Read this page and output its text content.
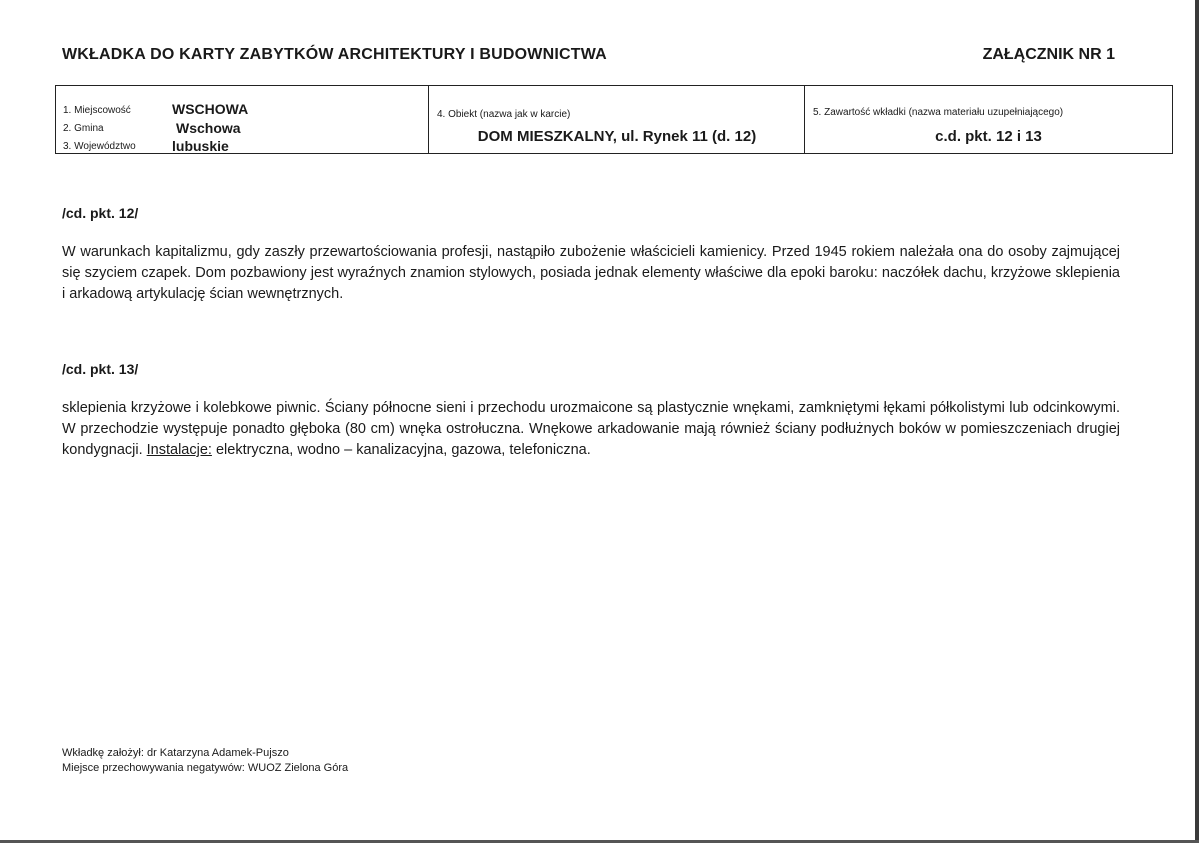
WKŁADKA DO KARTY ZABYTKÓW ARCHITEKTURY I BUDOWNICTWA	ZAŁĄCZNIK NR 1
1. Miejscowość	WSCHOWA
2. Gmina	Wschowa
3. Województwo	lubuskie
4. Obiekt (nazwa jak w karcie)
DOM MIESZKALNY, ul. Rynek 11 (d. 12)
5. Zawartość wkładki (nazwa materiału uzupełniającego)
c.d. pkt. 12 i 13
/cd. pkt. 12/
W warunkach kapitalizmu, gdy zaszły przewartościowania profesji, nastąpiło zubożenie właścicieli kamienicy. Przed 1945 rokiem należała ona do osoby zajmującej się szyciem czapek. Dom pozbawiony jest wyraźnych znamion stylowych, posiada jednak elementy właściwe dla epoki baroku: naczółek dachu, krzyżowe sklepienia i arkadową artykulację ścian wewnętrznych.
/cd. pkt. 13/
sklepienia krzyżowe i kolebkowe piwnic. Ściany północne sieni i przechodu urozmaicone są plastycznie wnękami, zamkniętymi łękami półkolistymi lub odcinkowymi. W przechodzie występuje ponadto głęboka (80 cm) wnęka ostrołuczna. Wnękowe arkadowanie mają również ściany podłużnych boków w pomieszczeniach drugiej kondygnacji. Instalacje: elektryczna, wodno – kanalizacyjna, gazowa, telefoniczna.
Wkładkę założył: dr Katarzyna Adamek-Pujszo
Miejsce przechowywania negatywów: WUOZ Zielona Góra
